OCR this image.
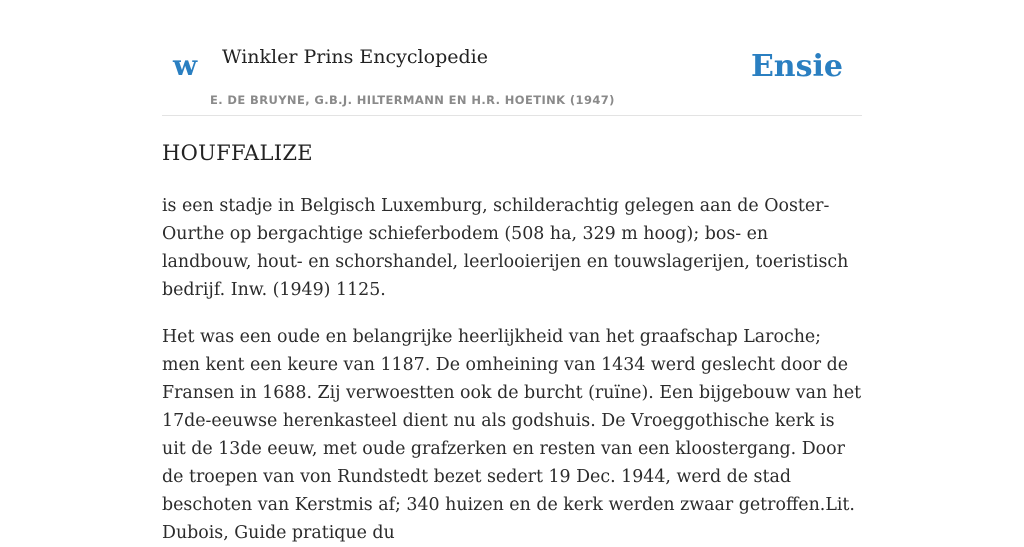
w Winkler Prins Encyclopedie
E. DE BRUYNE, G.B.J. HILTERMANN EN H.R. HOETINK (1947)
Ensie
HOUFFALIZE

is een stadje in Belgisch Luxemburg, schilderachtig gelegen aan de Ooster-Ourthe op bergachtige schieferbodem (508 ha, 329 m hoog); bos- en landbouw, hout- en schorshandel, leerlooierijen en touwslagerijen, toeristisch bedrijf. Inw. (1949) 1125.

Het was een oude en belangrijke heerlijkheid van het graafschap Laroche; men kent een keure van 1187. De omheining van 1434 werd geslecht door de Fransen in 1688. Zij verwoestten ook de burcht (ruïne). Een bijgebouw van het 17de-eeuwse herenkasteel dient nu als godshuis. De Vroeggothische kerk is uit de 13de eeuw, met oude grafzerken en resten van een kloostergang. Door de troepen van von Rundstedt bezet sedert 19 Dec. 1944, werd de stad beschoten van Kerstmis af; 340 huizen en de kerk werden zwaar getroffen.Lit. Dubois, Guide pratique du
